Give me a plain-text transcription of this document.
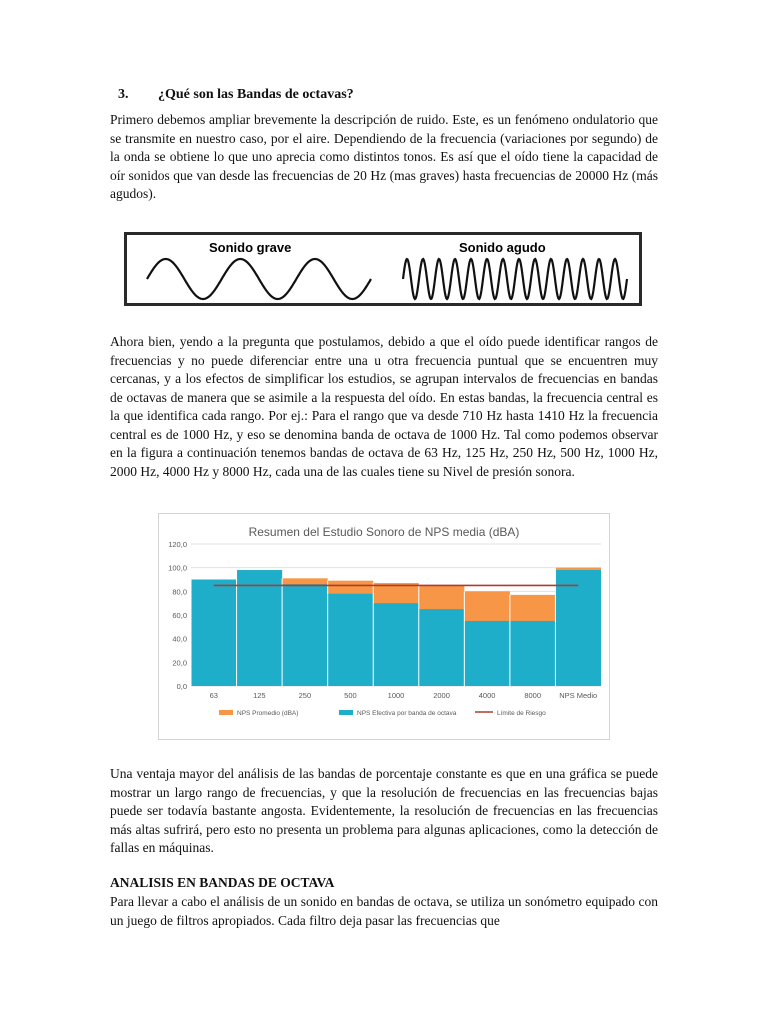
3. ¿Qué son las Bandas de octavas?

Primero debemos ampliar brevemente la descripción de ruido. Este, es un fenómeno ondulatorio que se transmite en nuestro caso, por el aire. Dependiendo de la frecuencia (variaciones por segundo) de la onda se obtiene lo que uno aprecia como distintos tonos. Es así que el oído tiene la capacidad de oír sonidos que van desde las frecuencias de 20 Hz (mas graves) hasta frecuencias de 20000 Hz (más agudos).

Sonido grave	Sonido agudo

Ahora bien, yendo a la pregunta que postulamos, debido a que el oído puede identificar rangos de frecuencias y no puede diferenciar entre una u otra frecuencia puntual que se encuentren muy cercanas, y a los efectos de simplificar los estudios, se agrupan intervalos de frecuencias en bandas de octavas de manera que se asimile a la respuesta del oído. En estas bandas, la frecuencia central es la que identifica cada rango. Por ej.: Para el rango que va desde 710 Hz hasta 1410 Hz la frecuencia central es de 1000 Hz, y eso se denomina banda de octava de 1000 Hz. Tal como podemos observar en la figura a continuación tenemos bandas de octava de 63 Hz, 125 Hz, 250 Hz, 500 Hz, 1000 Hz, 2000 Hz, 4000 Hz y 8000 Hz, cada una de las cuales tiene su Nivel de presión sonora.

Resumen del Estudio Sonoro de NPS media (dBA)
0,0
20,0
40,0
60,0
80,0
100,0
120,0
63	125	250	500	1000	2000	4000	8000 NPS Medio
NPS Promedio (dBA)	NPS Efectiva por banda de octava	Límite de Riesgo

Una ventaja mayor del análisis de las bandas de porcentaje constante es que en una gráfica se puede mostrar un largo rango de frecuencias, y que la resolución de frecuencias en las frecuencias bajas puede ser todavía bastante angosta. Evidentemente, la resolución de frecuencias en las frecuencias más altas sufrirá, pero esto no presenta un problema para algunas aplicaciones, como la detección de fallas en máquinas.

ANALISIS EN BANDAS DE OCTAVA

Para llevar a cabo el análisis de un sonido en bandas de octava, se utiliza un sonómetro equipado con un juego de filtros apropiados. Cada filtro deja pasar las frecuencias que
